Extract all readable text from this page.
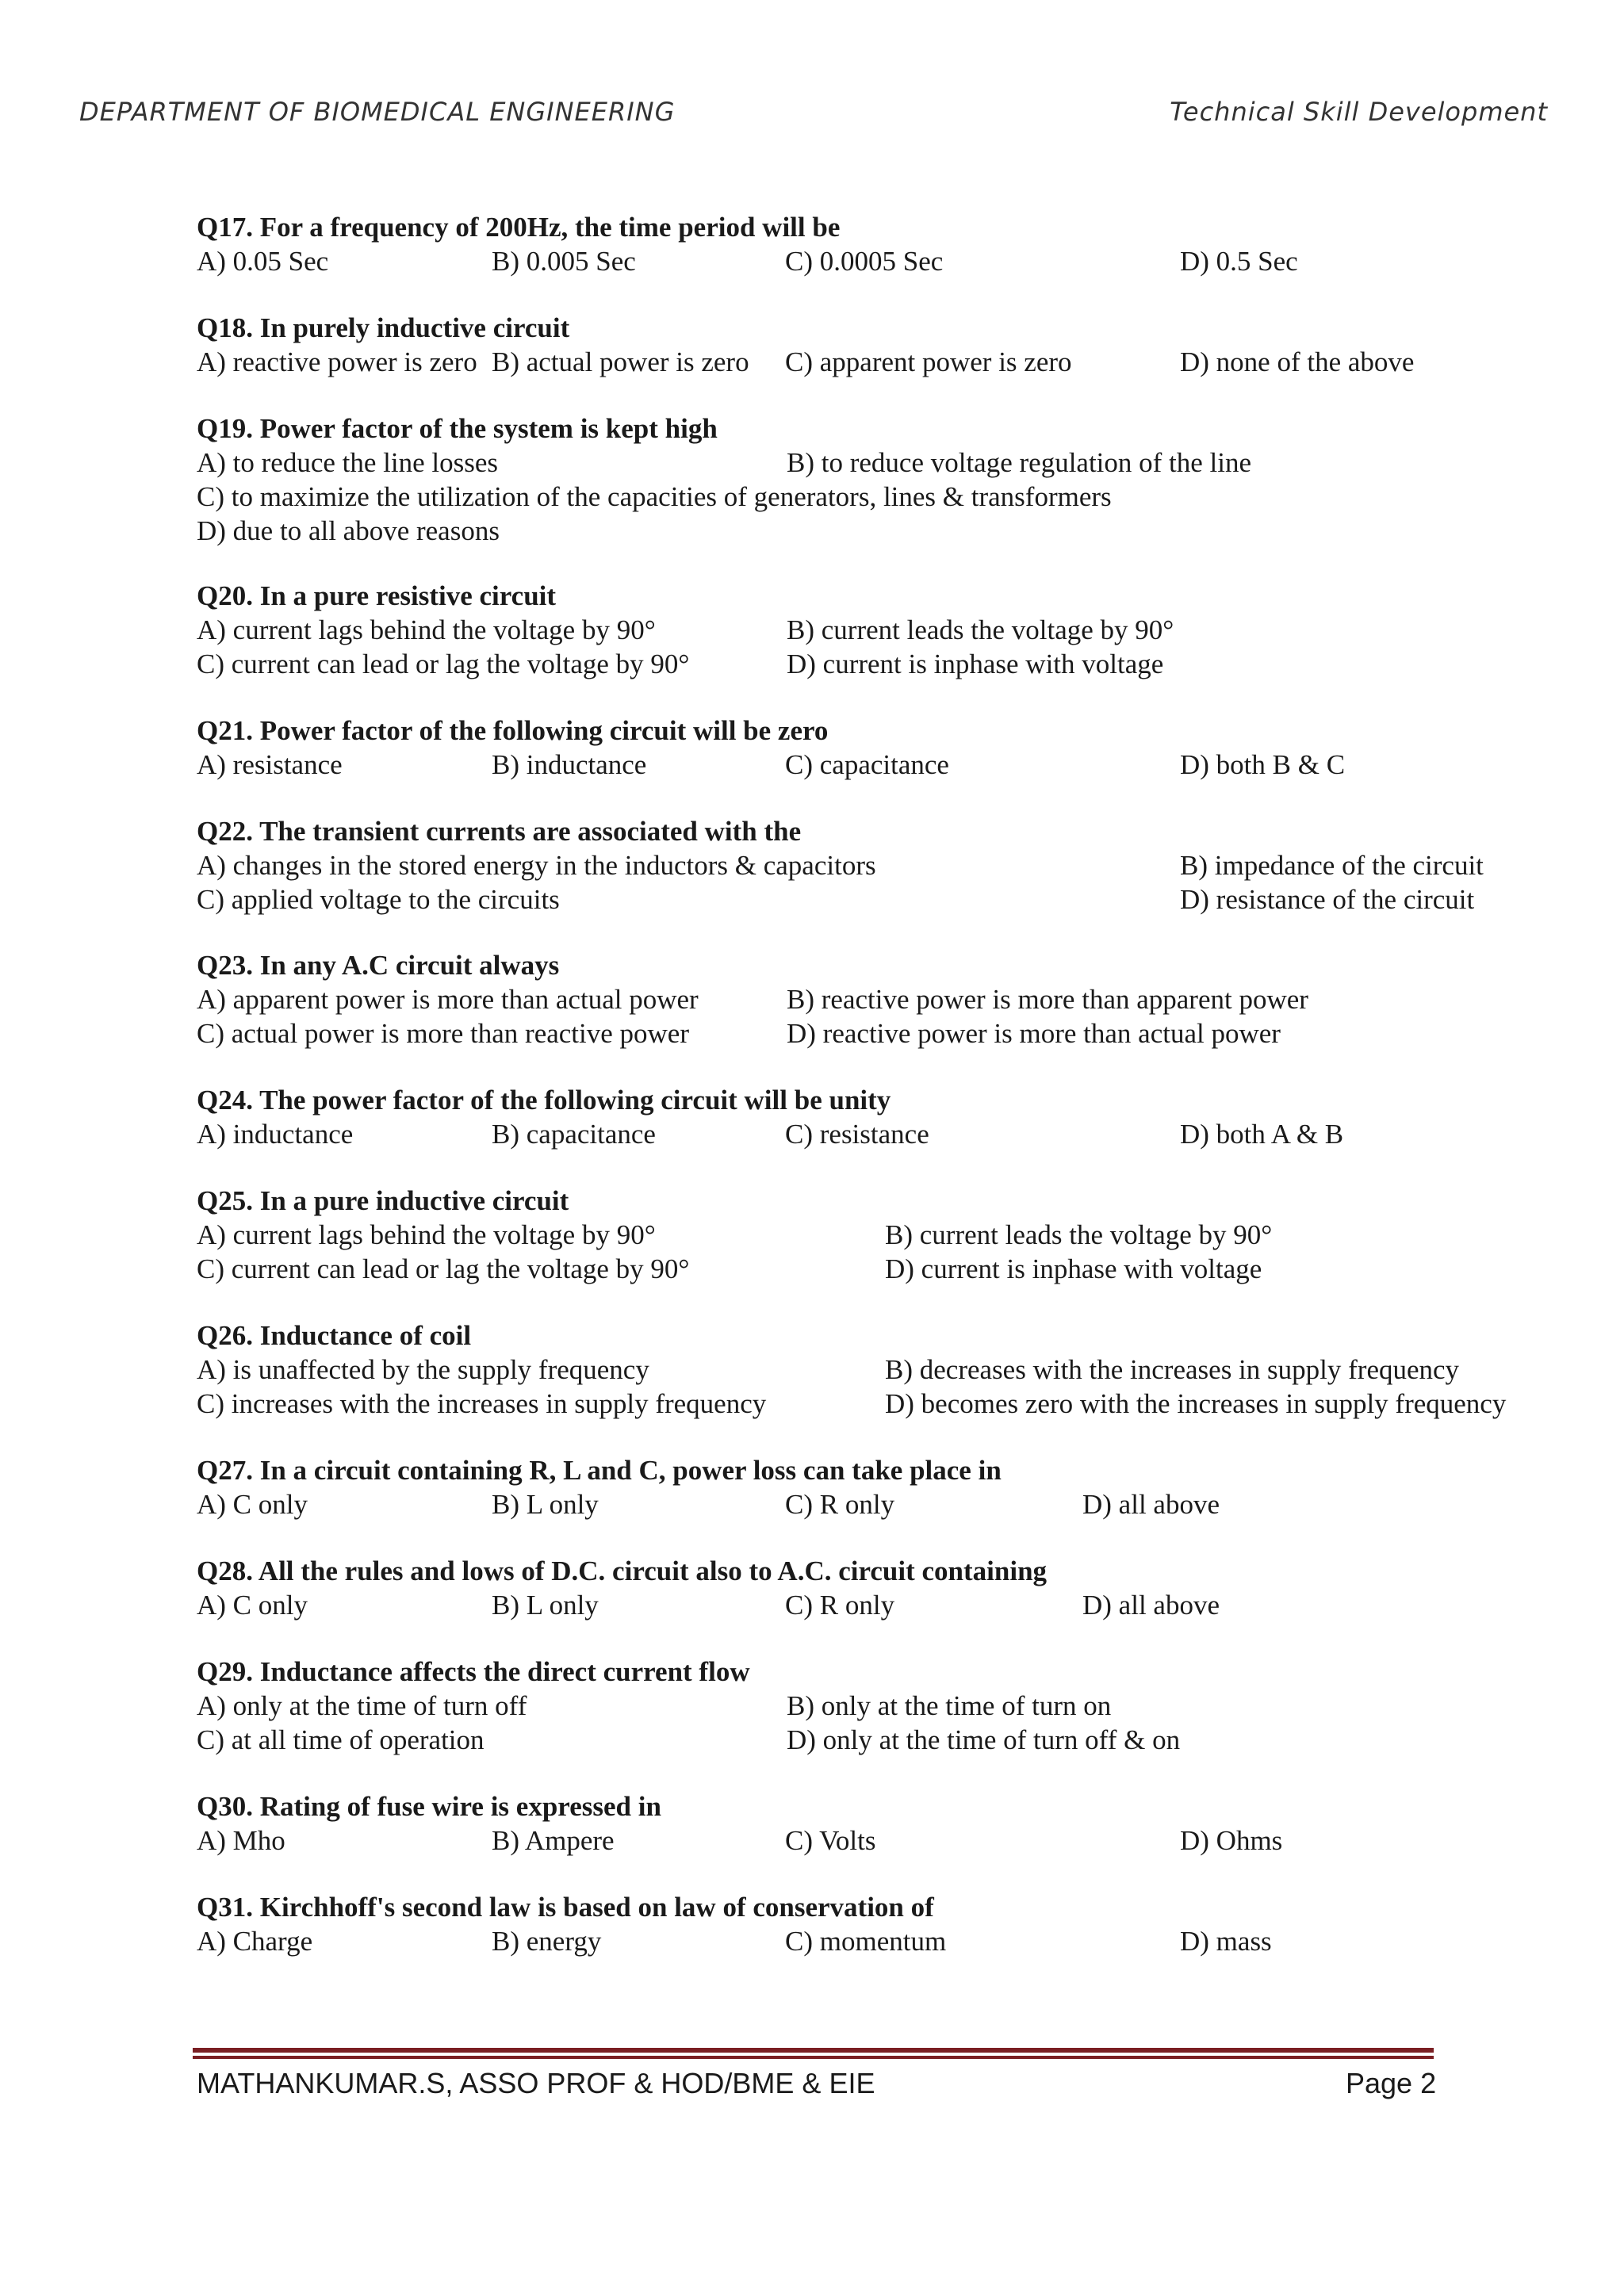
DEPARTMENT OF BIOMEDICAL ENGINEERING	Technical Skill Development
Q17. For a frequency of 200Hz, the time period will be
A) 0.05 Sec	B) 0.005 Sec	C) 0.0005 Sec	D) 0.5 Sec
Q18. In purely inductive circuit
A) reactive power is zero B) actual power is zero C) apparent power is zero	D) none of the above
Q19. Power factor of the system is kept high
A) to reduce the line losses	B) to reduce voltage regulation of the line
C) to maximize the utilization of the capacities of generators, lines & transformers
D) due to all above reasons
Q20. In a pure resistive circuit
A) current lags behind the voltage by 90°	B) current leads the voltage by 90°
C) current can lead or lag the voltage by 90°	D) current is inphase with voltage
Q21. Power factor of the following circuit will be zero
A) resistance	B) inductance	C) capacitance	D) both B & C
Q22. The transient currents are associated with the
A) changes in the stored energy in the inductors & capacitors	B) impedance of the circuit
C) applied voltage to the circuits	D) resistance of the circuit
Q23. In any A.C circuit always
A) apparent power is more than actual power	B) reactive power is more than apparent power
C) actual power is more than reactive power	D) reactive power is more than actual power
Q24. The power factor of the following circuit will be unity
A) inductance	B) capacitance	C) resistance	D) both A & B
Q25. In a pure inductive circuit
A) current lags behind the voltage by 90°	B) current leads the voltage by 90°
C) current can lead or lag the voltage by 90°	D) current is inphase with voltage
Q26. Inductance of coil
A) is unaffected by the supply frequency	B) decreases with the increases in supply frequency
C) increases with the increases in supply frequency	D) becomes zero with the increases in supply frequency
Q27. In a circuit containing R, L and C, power loss can take place in
A) C only	B) L only	C) R only	D) all above
Q28. All the rules and lows of D.C. circuit also to A.C. circuit containing
A) C only	B) L only	C) R only	D) all above
Q29. Inductance affects the direct current flow
A) only at the time of turn off	B) only at the time of turn on
C) at all time of operation	D) only at the time of turn off & on
Q30. Rating of fuse wire is expressed in
A) Mho	B) Ampere	C) Volts	D) Ohms
Q31. Kirchhoff's second law is based on law of conservation of
A) Charge	B) energy	C) momentum	D) mass
MATHANKUMAR.S, ASSO PROF & HOD/BME & EIE	Page 2
